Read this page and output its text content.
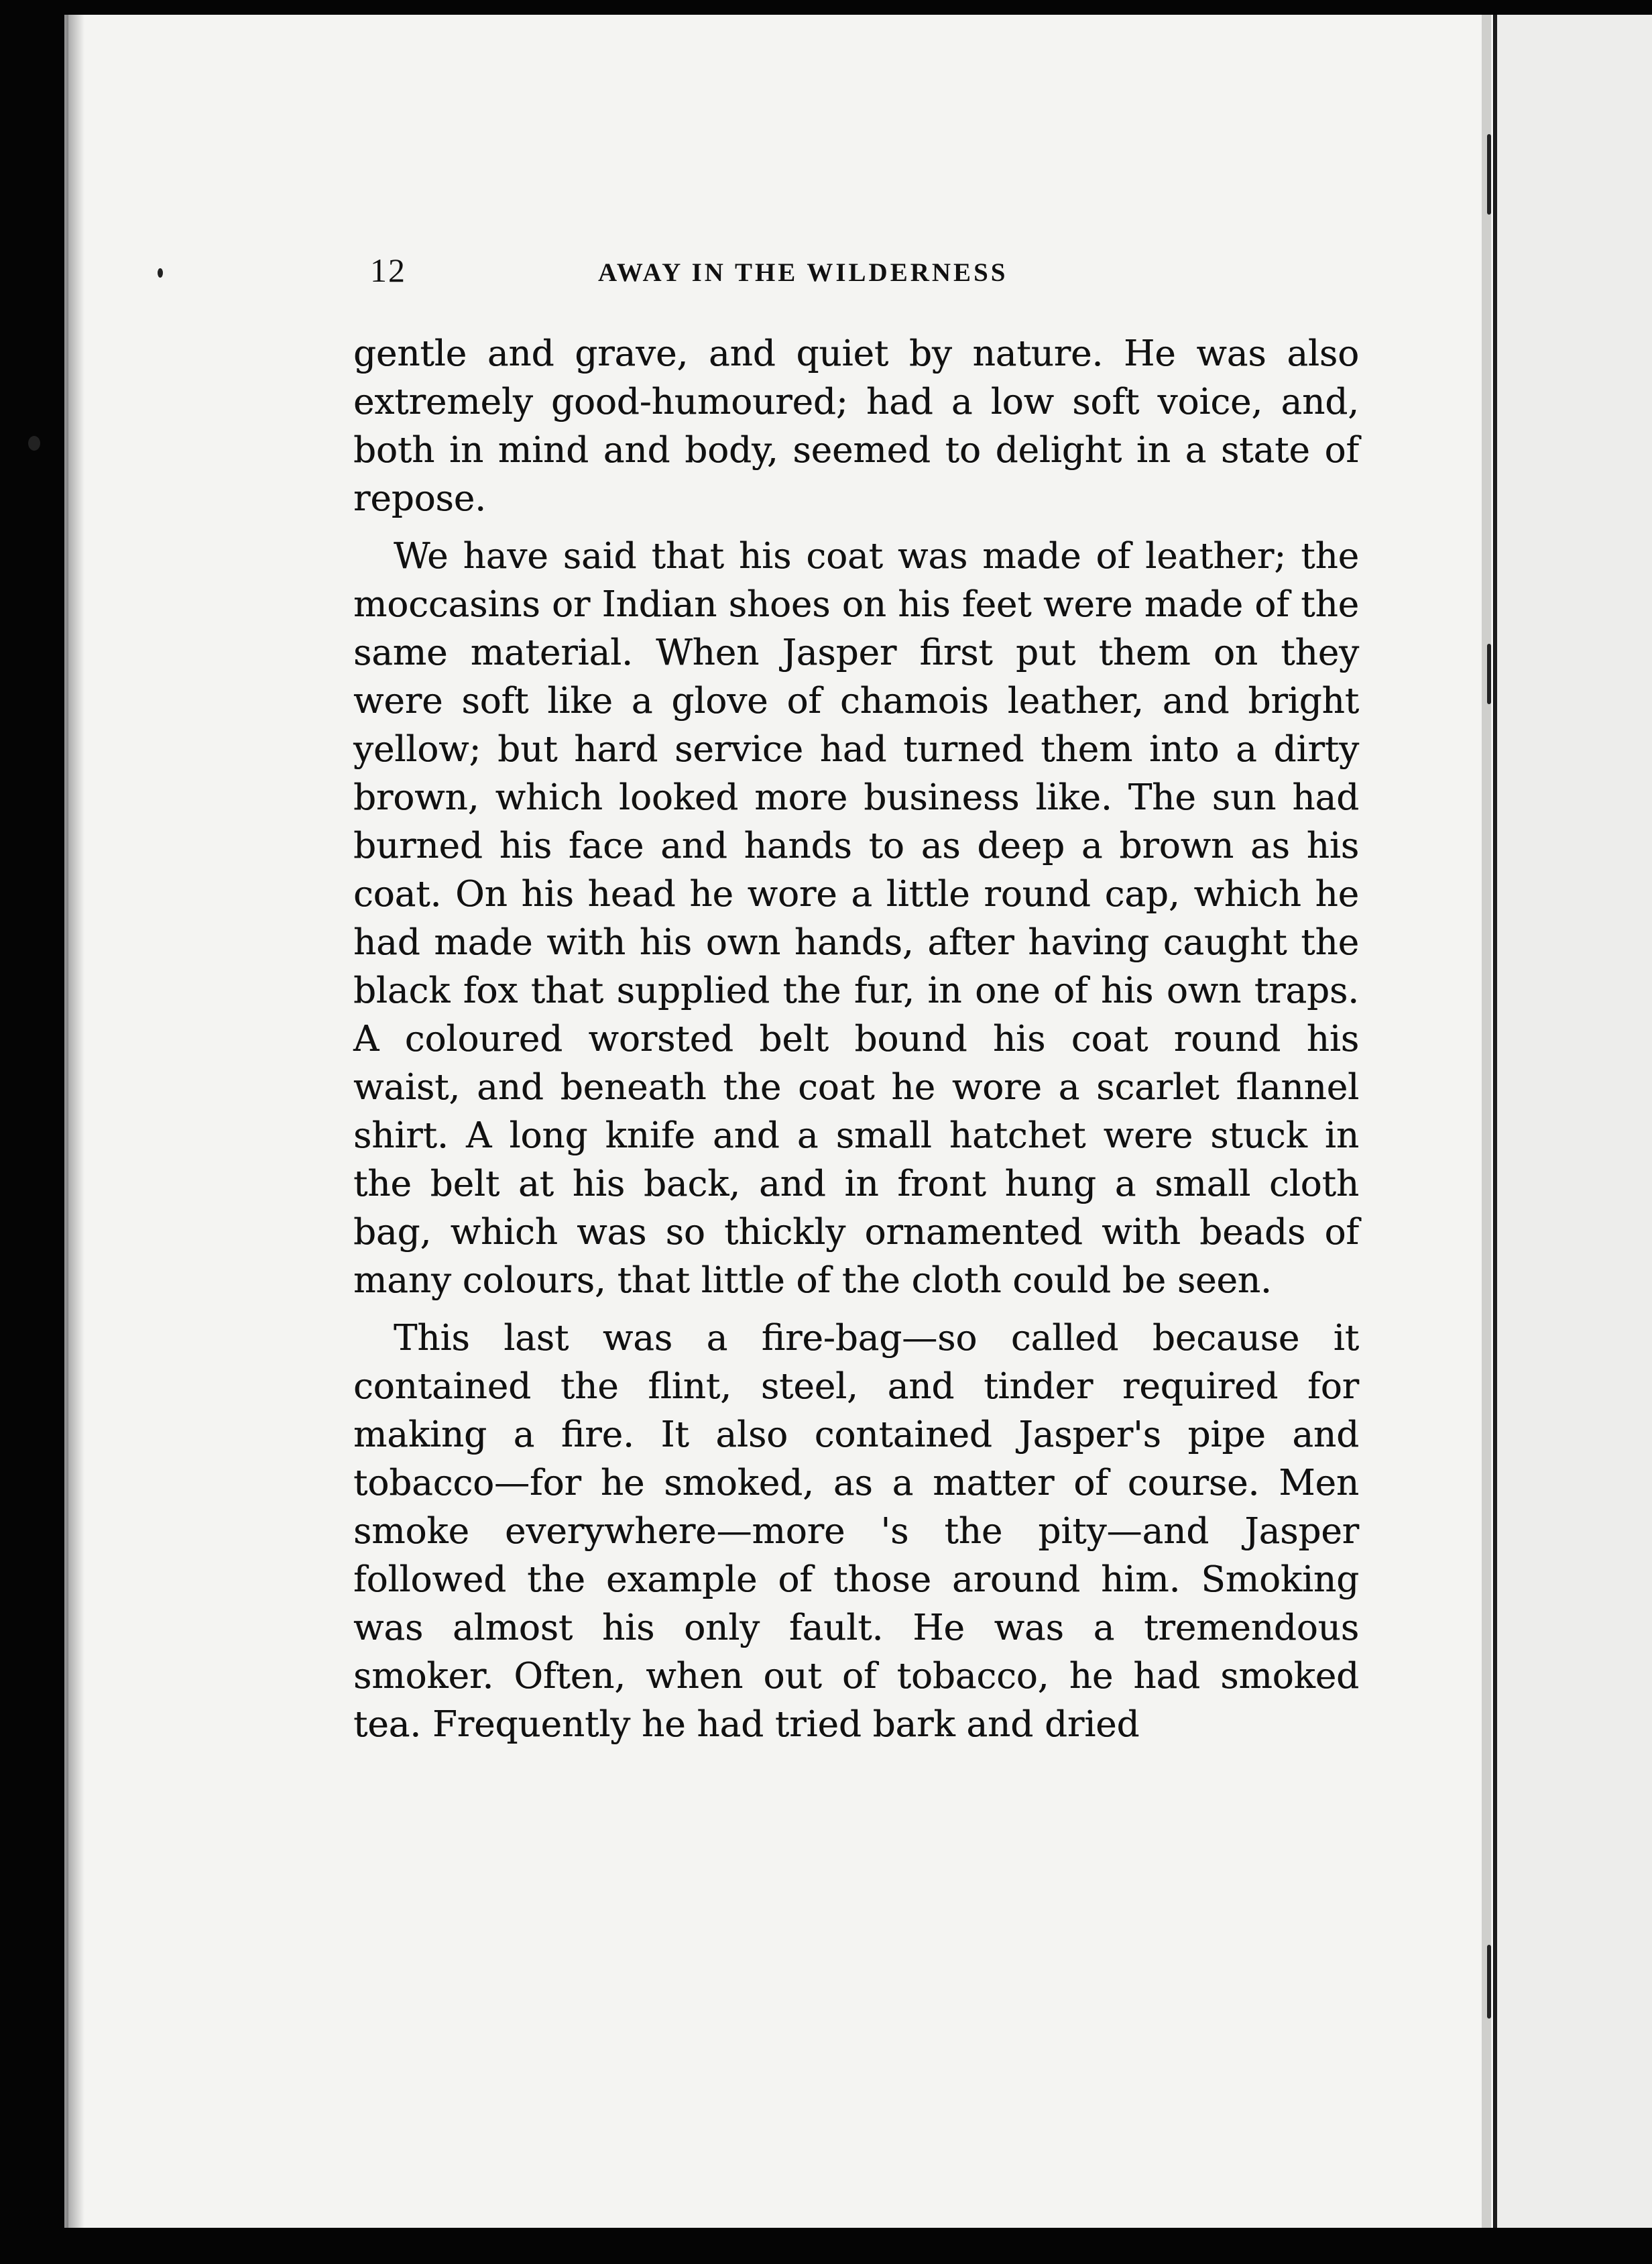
12	AWAY IN THE WILDERNESS

gentle and grave, and quiet by nature. He was also extremely good-humoured; had a low soft voice, and, both in mind and body, seemed to delight in a state of repose.

We have said that his coat was made of leather; the moccasins or Indian shoes on his feet were made of the same material. When Jasper first put them on they were soft like a glove of chamois leather, and bright yellow; but hard service had turned them into a dirty brown, which looked more business like. The sun had burned his face and hands to as deep a brown as his coat. On his head he wore a little round cap, which he had made with his own hands, after having caught the black fox that supplied the fur, in one of his own traps. A coloured worsted belt bound his coat round his waist, and beneath the coat he wore a scarlet flannel shirt. A long knife and a small hatchet were stuck in the belt at his back, and in front hung a small cloth bag, which was so thickly ornamented with beads of many colours, that little of the cloth could be seen.

This last was a fire-bag—so called because it contained the flint, steel, and tinder required for making a fire. It also contained Jasper's pipe and tobacco—for he smoked, as a matter of course. Men smoke everywhere—more 's the pity—and Jasper followed the example of those around him. Smoking was almost his only fault. He was a tremendous smoker. Often, when out of tobacco, he had smoked tea. Frequently he had tried bark and dried
